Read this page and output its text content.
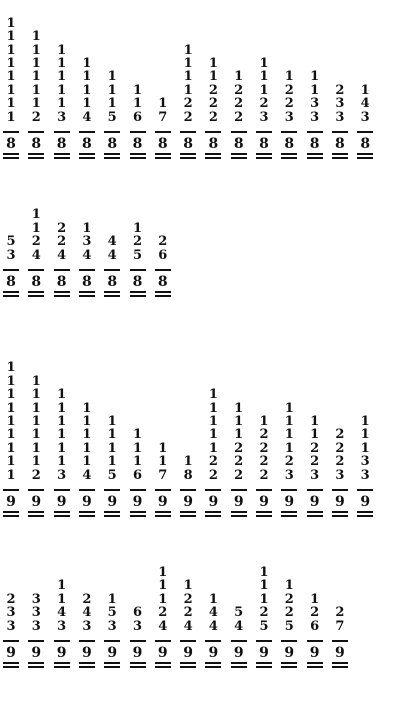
1
1
1
1
1
1
1
1
8
1
1
1
1
1
1
2
8
1
1
1
1
1
3
8
1
1
1
1
4
8
1
1
1
5
8
1
1
6
8
1
7
8
1
1
1
1
2
2
8
1
1
2
2
2
8
1
2
2
2
8
1
1
1
2
3
8
1
2
2
3
8
1
1
3
3
8
2
3
3
8
1
4
3
8
5
3
8
1
1
2
4
8
2
2
4
8
1
3
4
8
4
4
8
1
2
5
8
2
6
8
1
1
1
1
1
1
1
1
1
9
1
1
1
1
1
1
1
2
9
1
1
1
1
1
1
3
9
1
1
1
1
1
4
9
1
1
1
1
5
9
1
1
1
6
9
1
1
7
9
1
8
9
1
1
1
1
1
2
2
9
1
1
1
2
2
2
9
1
2
2
2
2
9
1
1
1
1
2
3
9
1
1
2
2
3
9
2
2
2
3
9
1
1
1
3
3
9
2
3
3
9
3
3
3
9
1
1
4
3
9
2
4
3
9
1
5
3
9
6
3
9
1
1
1
2
4
9
1
2
2
4
9
1
4
4
9
5
4
9
1
1
1
2
5
9
1
2
2
5
9
1
2
6
9
2
7
9
